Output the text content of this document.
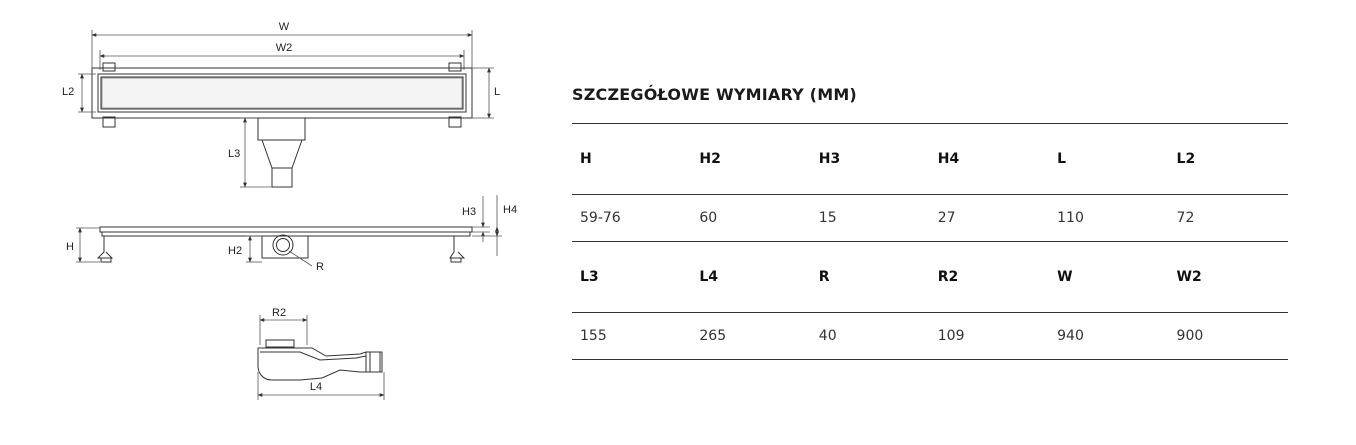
W
W2
L2	L
L3
R
H	H2
H3 H4
R2
L4
SZCZEGÓŁOWE WYMIARY (MM)
H	H2	H3	H4	L	L2
59-76	60	15	27	110	72
L3	L4	R	R2	W	W2
155	265	40	109	940	900
